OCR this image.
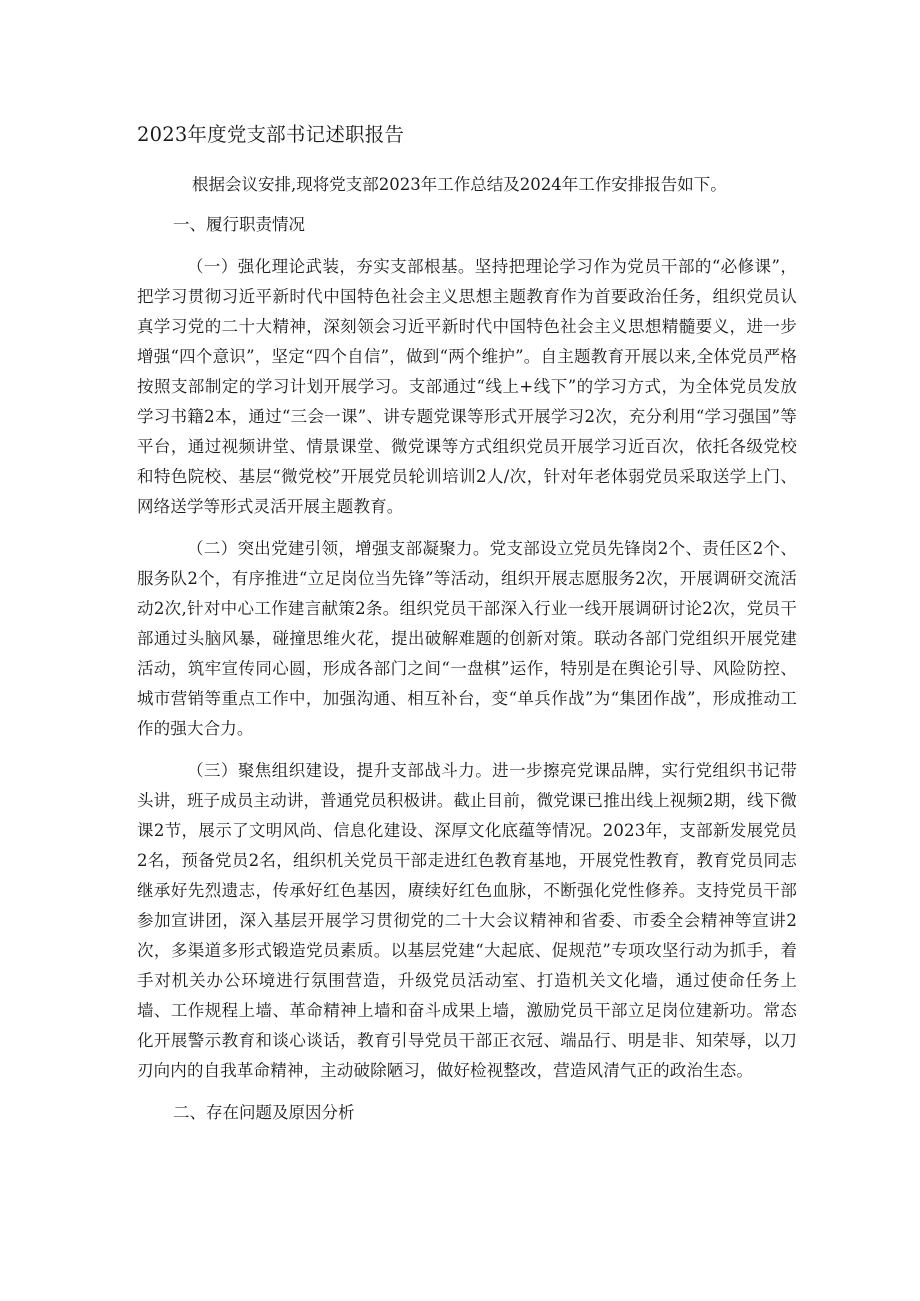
2023年度党支部书记述职报告

根据会议安排,现将党支部2023年工作总结及2024年工作安排报告如下。

一、履行职责情况

（一）强化理论武装，夯实支部根基。坚持把理论学习作为党员干部的“必修课”，把学习贯彻习近平新时代中国特色社会主义思想主题教育作为首要政治任务，组织党员认真学习党的二十大精神，深刻领会习近平新时代中国特色社会主义思想精髓要义，进一步增强“四个意识”，坚定“四个自信”，做到“两个维护”。自主题教育开展以来,全体党员严格按照支部制定的学习计划开展学习。支部通过“线上+线下”的学习方式，为全体党员发放学习书籍2本，通过“三会一课”、讲专题党课等形式开展学习2次，充分利用“学习强国”等平台，通过视频讲堂、情景课堂、微党课等方式组织党员开展学习近百次，依托各级党校和特色院校、基层“微党校”开展党员轮训培训2人/次，针对年老体弱党员采取送学上门、网络送学等形式灵活开展主题教育。

（二）突出党建引领，增强支部凝聚力。党支部设立党员先锋岗2个、责任区2个、服务队2个，有序推进“立足岗位当先锋”等活动，组织开展志愿服务2次，开展调研交流活动2次,针对中心工作建言献策2条。组织党员干部深入行业一线开展调研讨论2次，党员干部通过头脑风暴，碰撞思维火花，提出破解难题的创新对策。联动各部门党组织开展党建活动，筑牢宣传同心圆，形成各部门之间“一盘棋”运作，特别是在舆论引导、风险防控、城市营销等重点工作中，加强沟通、相互补台，变“单兵作战”为“集团作战”，形成推动工作的强大合力。

（三）聚焦组织建设，提升支部战斗力。进一步擦亮党课品牌，实行党组织书记带头讲，班子成员主动讲，普通党员积极讲。截止目前，微党课已推出线上视频2期，线下微课2节，展示了文明风尚、信息化建设、深厚文化底蕴等情况。2023年，支部新发展党员2名，预备党员2名，组织机关党员干部走进红色教育基地，开展党性教育，教育党员同志继承好先烈遗志，传承好红色基因，赓续好红色血脉，不断强化党性修养。支持党员干部参加宣讲团，深入基层开展学习贯彻党的二十大会议精神和省委、市委全会精神等宣讲2次，多渠道多形式锻造党员素质。以基层党建“大起底、促规范”专项攻坚行动为抓手，着手对机关办公环境进行氛围营造，升级党员活动室、打造机关文化墙，通过使命任务上墙、工作规程上墙、革命精神上墙和奋斗成果上墙，激励党员干部立足岗位建新功。常态化开展警示教育和谈心谈话，教育引导党员干部正衣冠、端品行、明是非、知荣辱，以刀刃向内的自我革命精神，主动破除陋习，做好检视整改，营造风清气正的政治生态。

二、存在问题及原因分析
